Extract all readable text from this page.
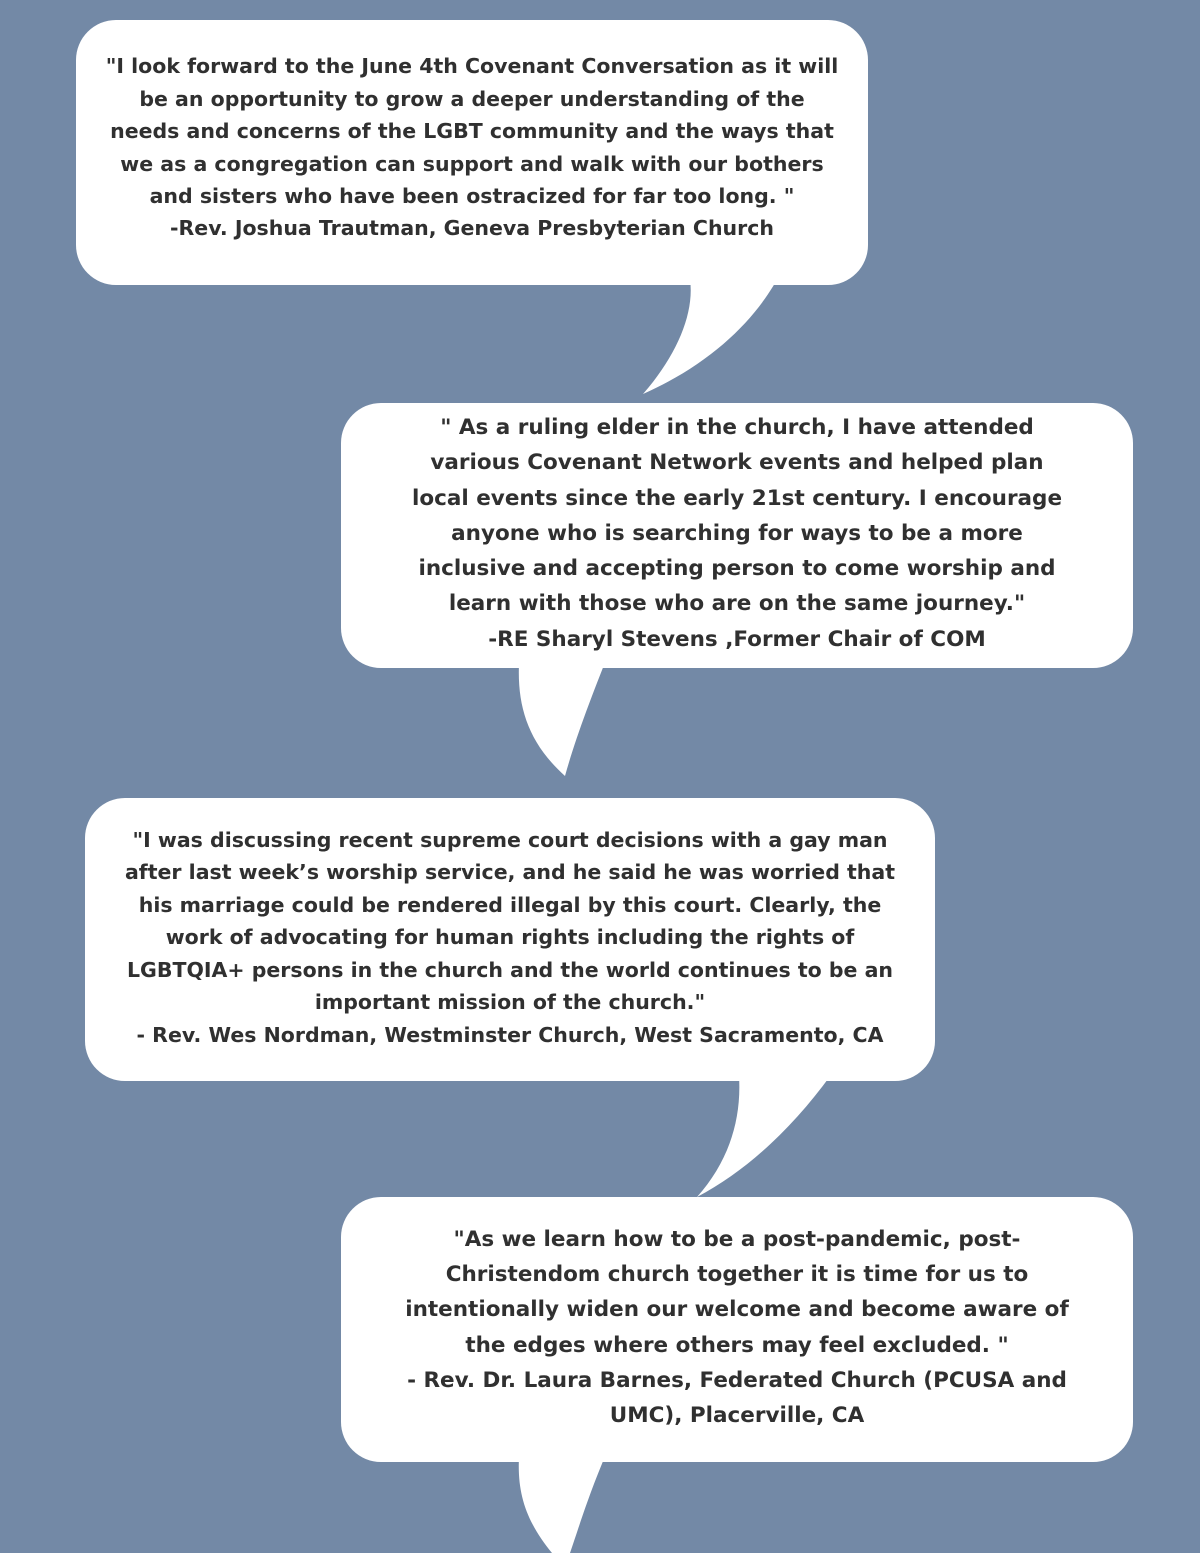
"I look forward to the June 4th Covenant Conversation as it will
be an opportunity to grow a deeper understanding of the
needs and concerns of the LGBT community and the ways that
we as a congregation can support and walk with our bothers
and sisters who have been ostracized for far too long. "
-Rev. Joshua Trautman, Geneva Presbyterian Church
" As a ruling elder in the church, I have attended
various Covenant Network events and helped plan
local events since the early 21st century. I encourage
anyone who is searching for ways to be a more
inclusive and accepting person to come worship and
learn with those who are on the same journey."
-RE Sharyl Stevens ,Former Chair of COM
"I was discussing recent supreme court decisions with a gay man
after last week’s worship service, and he said he was worried that
his marriage could be rendered illegal by this court. Clearly, the
work of advocating for human rights including the rights of
LGBTQIA+ persons in the church and the world continues to be an
important mission of the church."
- Rev. Wes Nordman, Westminster Church, West Sacramento, CA
"As we learn how to be a post-pandemic, post-
Christendom church together it is time for us to
intentionally widen our welcome and become aware of
the edges where others may feel excluded. "
- Rev. Dr. Laura Barnes, Federated Church (PCUSA and
UMC), Placerville, CA
